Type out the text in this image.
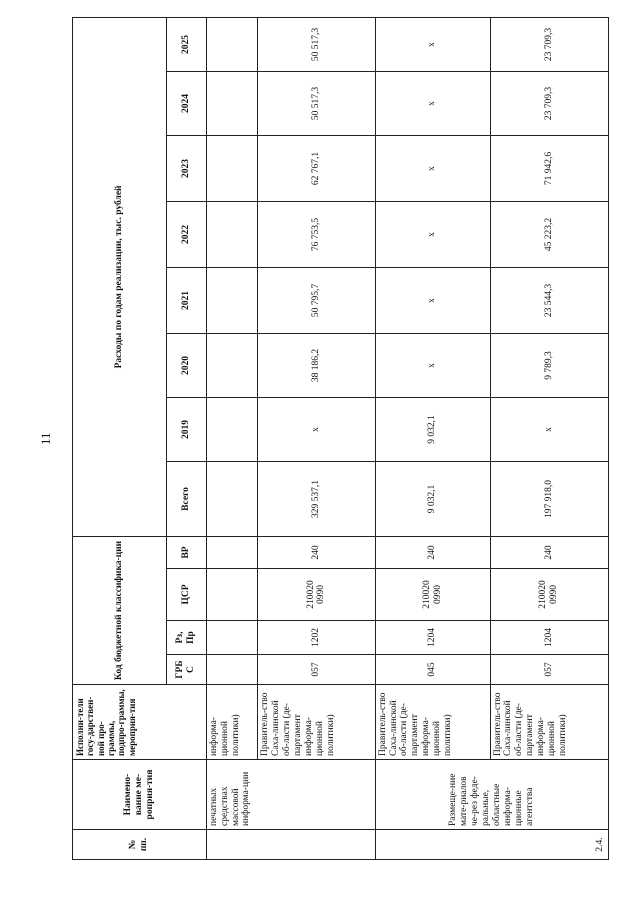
11
№ пп.	Наимено-вание ме-роприя-тия	Исполни-тели госу-дарствен-ной про-граммы, подпро-граммы, мероприя-тия	Код бюджетной классифика-ции				Расходы по годам реализации, тыс. рублей							
			ГРБ С	Рз, Пр	ЦСР	ВР	Всего	2019	2020	2021	2022	2023	2024	2025
	печатных средствах массовой информа-ции	информа-ционной политики)												
		Правитель-ство Саха-линской об-ласти (де-партамент информа-ционной политики)	057	1202	210020 0990	240	329 537,1	x	38 186,2	50 795,7	76 753,5	62 767,1	50 517,3	50 517,3
2.4.	Размеще-ние мате-риалов че-рез феде-ральные, областные информа-ционные агентства	Правитель-ство Саха-линской об-ласти (де-партамент информа-ционной политики)	045	1204	210020 0990	240	9 032,1	9 032,1	x	x	x	x	x	x
		Правитель-ство Саха-линской об-ласти (де-партамент информа-ционной политики)	057	1204	210020 0990	240	197 918,0	x	9 789,3	23 544,3	45 223,2	71 942,6	23 709,3	23 709,3
